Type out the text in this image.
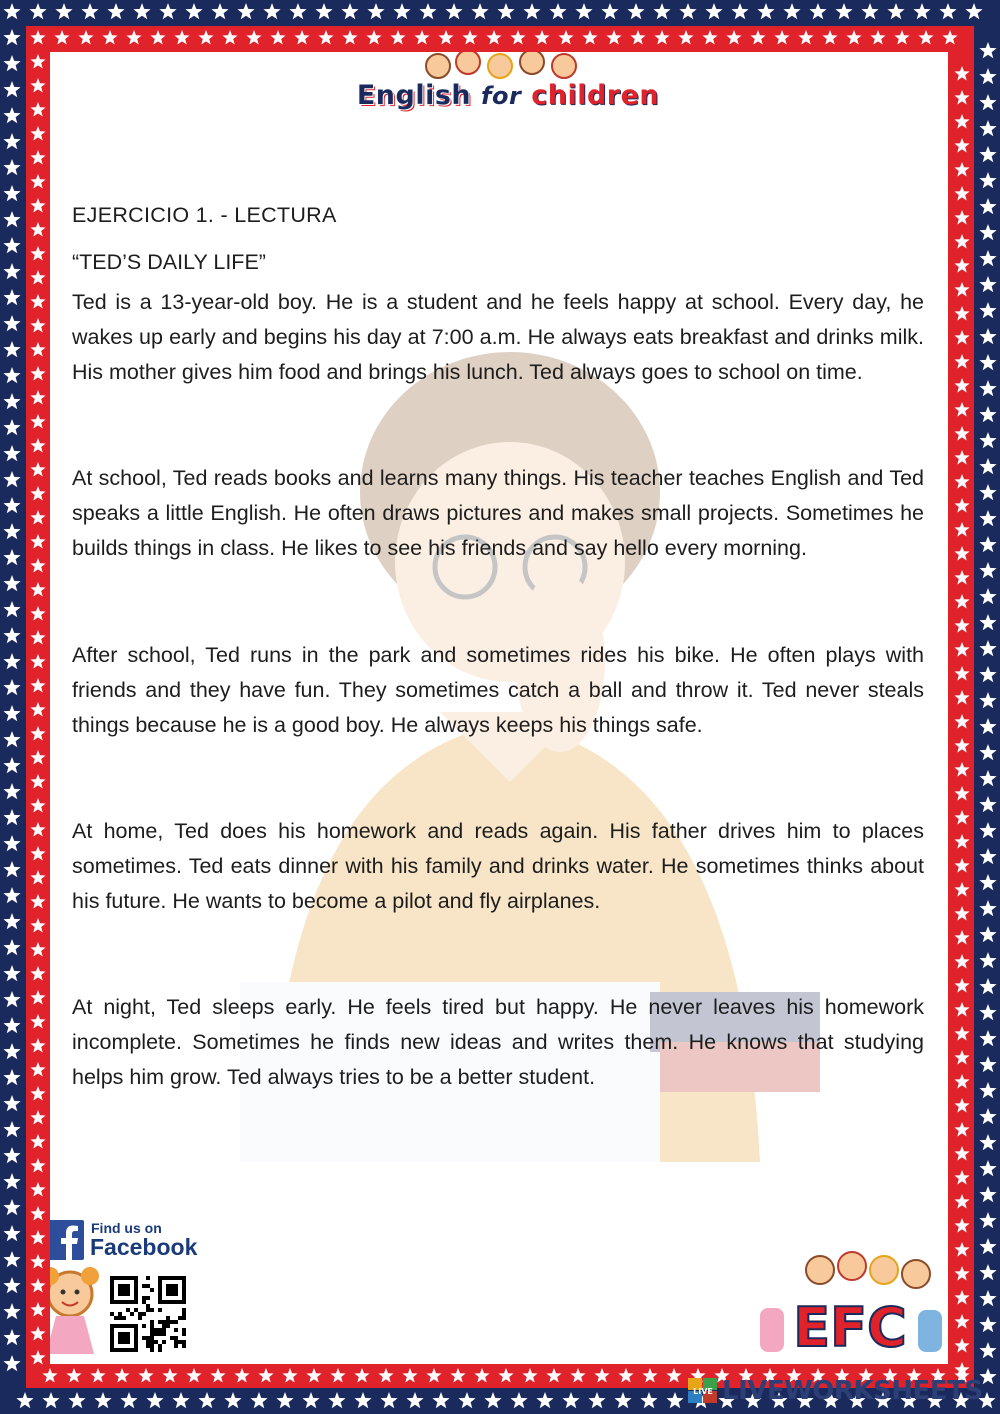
English for children
EJERCICIO 1. - LECTURA
“TED’S DAILY LIFE”
Ted is a 13-year-old boy. He is a student and he feels happy at school. Every day, he wakes up early and begins his day at 7:00 a.m. He always eats breakfast and drinks milk. His mother gives him food and brings his lunch. Ted always goes to school on time.
At school, Ted reads books and learns many things. His teacher teaches English and Ted speaks a little English. He often draws pictures and makes small projects. Sometimes he builds things in class. He likes to see his friends and say hello every morning.
After school, Ted runs in the park and sometimes rides his bike. He often plays with friends and they have fun. They sometimes catch a ball and throw it. Ted never steals things because he is a good boy. He always keeps his things safe.
At home, Ted does his homework and reads again. His father drives him to places sometimes. Ted eats dinner with his family and drinks water. He sometimes thinks about his future. He wants to become a pilot and fly airplanes.
At night, Ted sleeps early. He feels tired but happy. He never leaves his homework incomplete. Sometimes he finds new ideas and writes them. He knows that studying helps him grow. Ted always tries to be a better student.
Find us on
Facebook
EFC
LIVE LIVEWORKSHEETS
